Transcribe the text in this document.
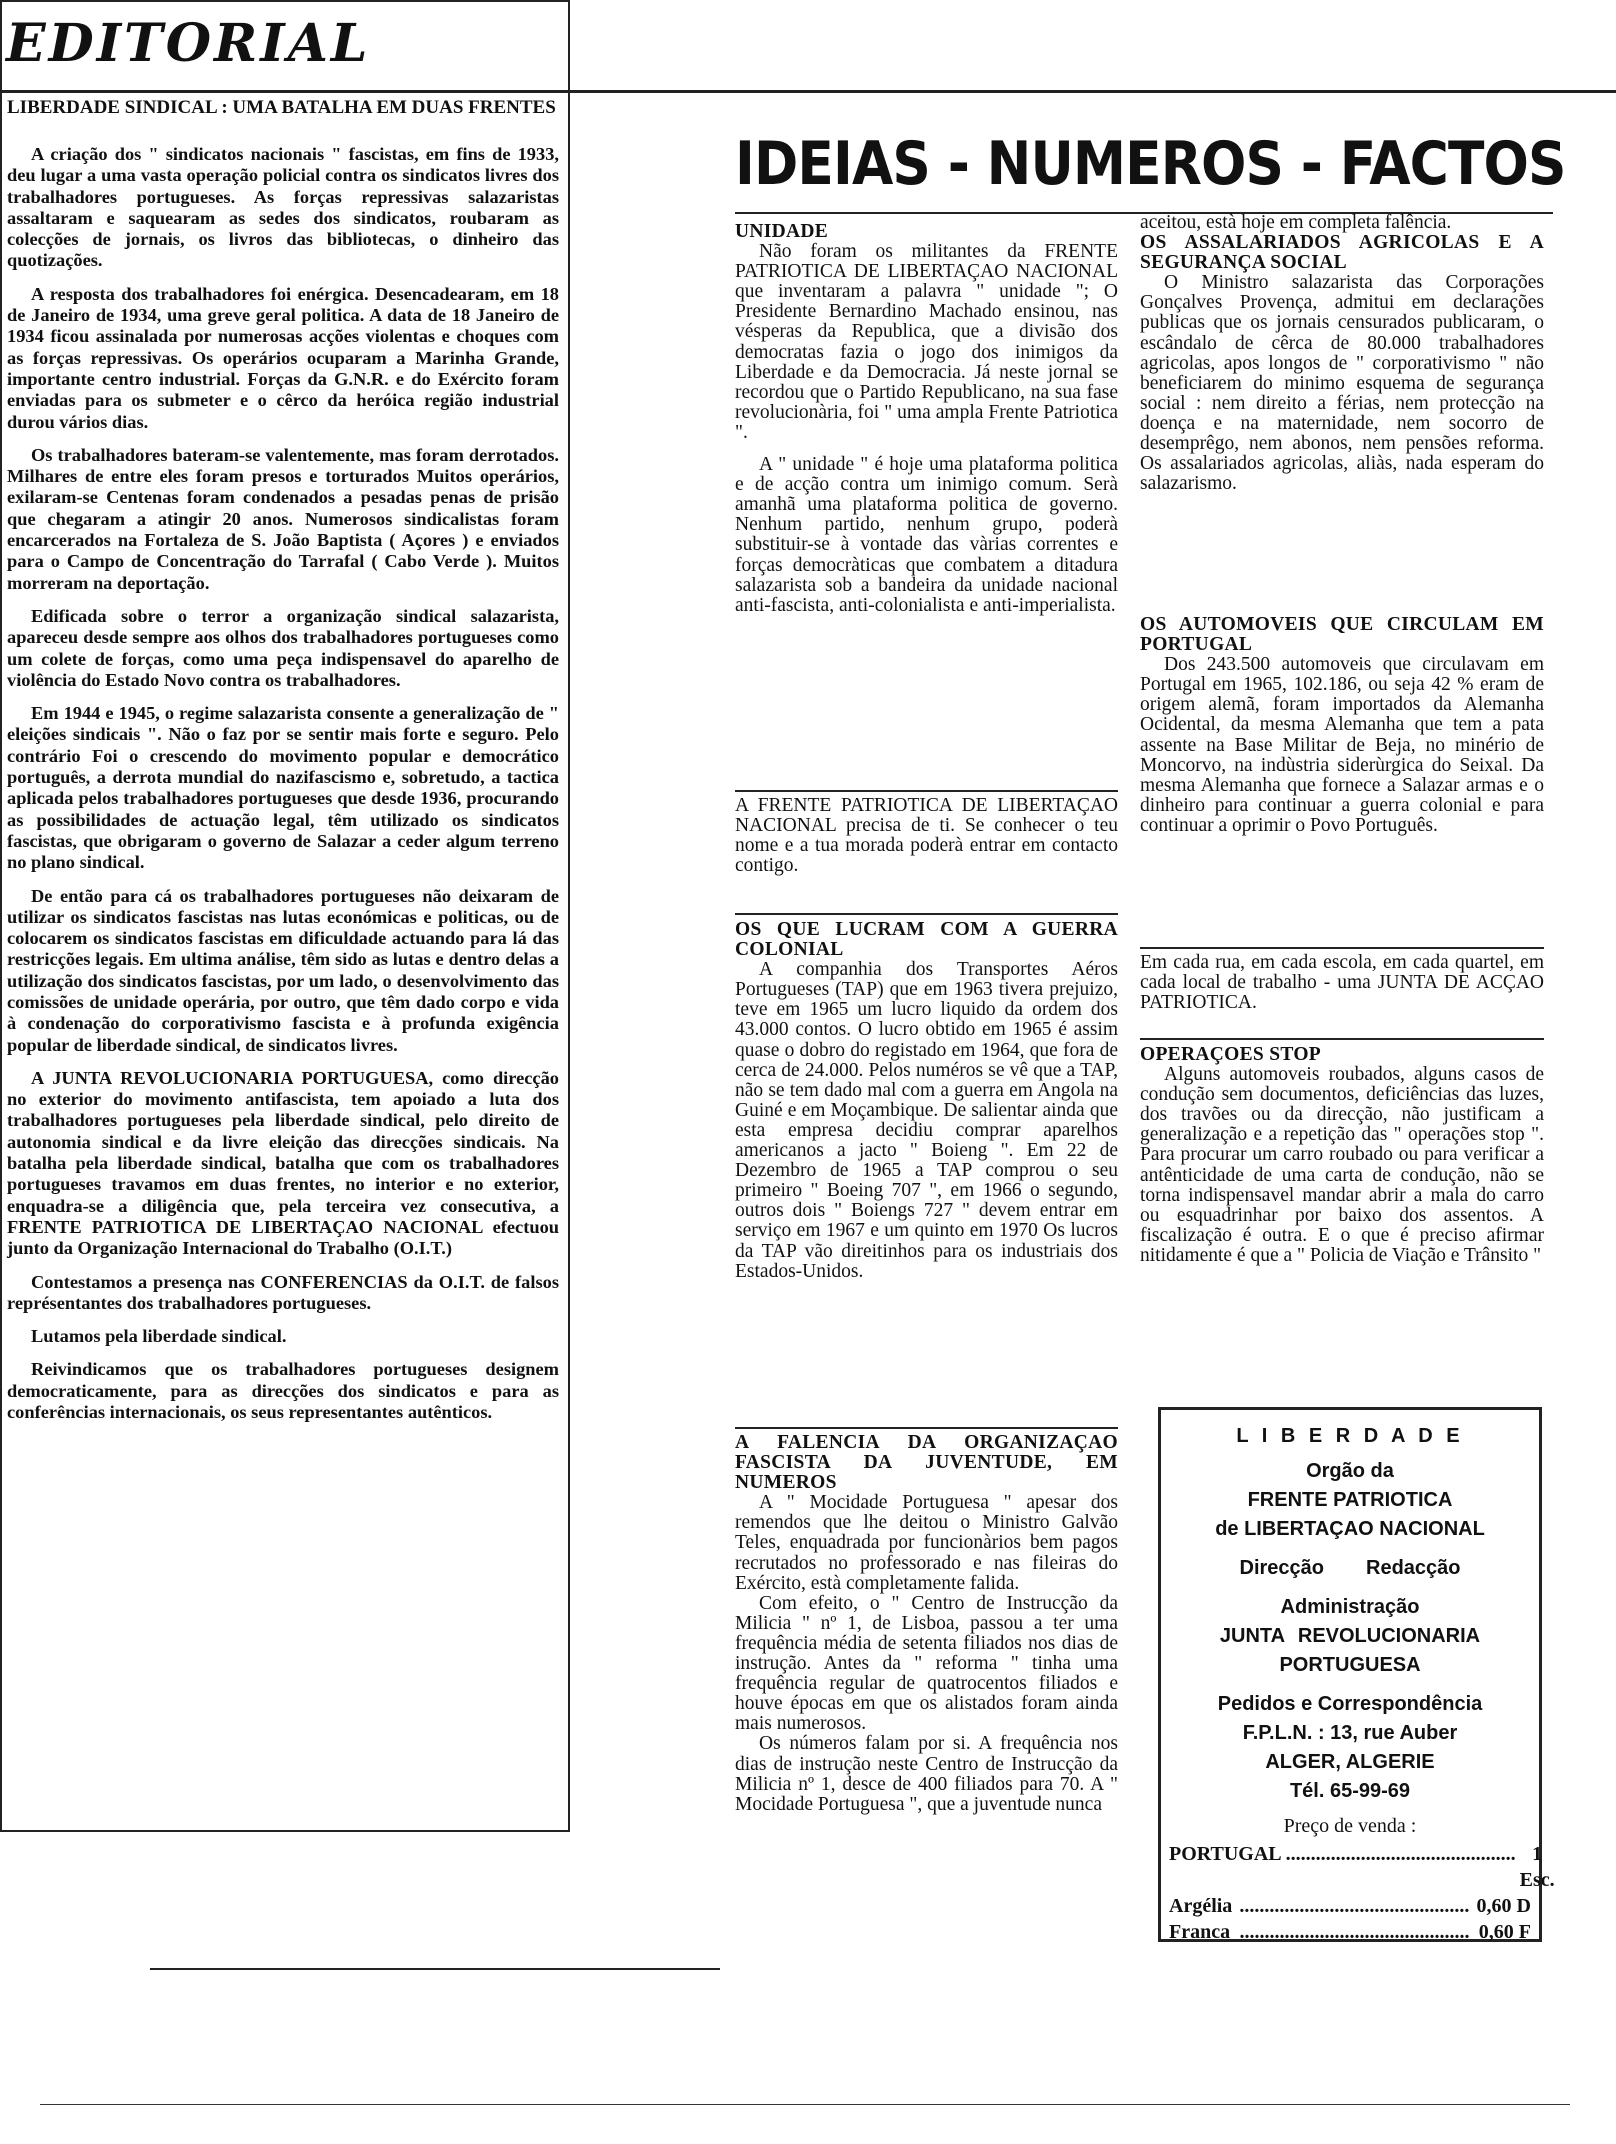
EDITORIAL
LIBERDADE SINDICAL : UMA BATALHA EM DUAS FRENTES

A criação dos " sindicatos nacionais " fascistas, em fins de 1933, deu lugar a uma vasta operação policial contra os sindicatos livres dos trabalhadores portugueses. As forças repressivas salazaristas assaltaram e saquearam as sedes dos sindicatos, roubaram as colecções de jornais, os livros das bibliotecas, o dinheiro das quotizações.

A resposta dos trabalhadores foi enérgica. Desencadearam, em 18 de Janeiro de 1934, uma greve geral politica. A data de 18 Janeiro de 1934 ficou assinalada por numerosas acções violentas e choques com as forças repressivas. Os operários ocuparam a Marinha Grande, importante centro industrial. Forças da G.N.R. e do Exército foram enviadas para os submeter e o cêrco da heróica região industrial durou vários dias.

Os trabalhadores bateram-se valentemente, mas foram derrotados. Milhares de entre eles foram presos e torturados Muitos operários, exilaram-se Centenas foram condenados a pesadas penas de prisão que chegaram a atingir 20 anos. Numerosos sindicalistas foram encarcerados na Fortaleza de S. João Baptista ( Açores ) e enviados para o Campo de Concentração do Tarrafal ( Cabo Verde ). Muitos morreram na deportação.

Edificada sobre o terror a organização sindical salazarista, apareceu desde sempre aos olhos dos trabalhadores portugueses como um colete de forças, como uma peça indispensavel do aparelho de violência do Estado Novo contra os trabalhadores.

Em 1944 e 1945, o regime salazarista consente a generalização de " eleições sindicais ". Não o faz por se sentir mais forte e seguro. Pelo contrário Foi o crescendo do movimento popular e democrático português, a derrota mundial do nazifascismo e, sobretudo, a tactica aplicada pelos trabalhadores portugueses que desde 1936, procurando as possibilidades de actuação legal, têm utilizado os sindicatos fascistas, que obrigaram o governo de Salazar a ceder algum terreno no plano sindical.

De então para cá os trabalhadores portugueses não deixaram de utilizar os sindicatos fascistas nas lutas económicas e politicas, ou de colocarem os sindicatos fascistas em dificuldade actuando para lá das restricções legais. Em ultima análise, têm sido as lutas e dentro delas a utilização dos sindicatos fascistas, por um lado, o desenvolvimento das comissões de unidade operária, por outro, que têm dado corpo e vida à condenação do corporativismo fascista e à profunda exigência popular de liberdade sindical, de sindicatos livres.

A JUNTA REVOLUCIONARIA PORTUGUESA, como direcção no exterior do movimento antifascista, tem apoiado a luta dos trabalhadores portugueses pela liberdade sindical, pelo direito de autonomia sindical e da livre eleição das direcções sindicais. Na batalha pela liberdade sindical, batalha que com os trabalhadores portugueses travamos em duas frentes, no interior e no exterior, enquadra-se a diligência que, pela terceira vez consecutiva, a FRENTE PATRIOTICA DE LIBERTAÇAO NACIONAL efectuou junto da Organização Internacional do Trabalho (O.I.T.)

Contestamos a presença nas CONFERENCIAS da O.I.T. de falsos représentantes dos trabalhadores portugueses.

Lutamos pela liberdade sindical.

Reivindicamos que os trabalhadores portugueses designem democraticamente, para as direcções dos sindicatos e para as conferências internacionais, os seus representantes autênticos.

IDEIAS - NUMEROS - FACTOS
UNIDADE

Não foram os militantes da FRENTE PATRIOTICA DE LIBERTAÇAO NACIONAL que inventaram a palavra " unidade "; O Presidente Bernardino Machado ensinou, nas vésperas da Republica, que a divisão dos democratas fazia o jogo dos inimigos da Liberdade e da Democracia. Já neste jornal se recordou que o Partido Republicano, na sua fase revolucionària, foi " uma ampla Frente Patriotica ".

A " unidade " é hoje uma plataforma politica e de acção contra um inimigo comum. Serà amanhã uma plataforma politica de governo. Nenhum partido, nenhum grupo, poderà substituir-se à vontade das vàrias correntes e forças democràticas que combatem a ditadura salazarista sob a bandeira da unidade nacional anti-fascista, anti-colonialista e anti-imperialista.

A FRENTE PATRIOTICA DE LIBERTAÇAO NACIONAL precisa de ti. Se conhecer o teu nome e a tua morada poderà entrar em contacto contigo.

OS QUE LUCRAM COM A GUERRA COLONIAL

A companhia dos Transportes Aéros Portugueses (TAP) que em 1963 tivera prejuizo, teve em 1965 um lucro liquido da ordem dos 43.000 contos. O lucro obtido em 1965 é assim quase o dobro do registado em 1964, que fora de cerca de 24.000. Pelos numéros se vê que a TAP, não se tem dado mal com a guerra em Angola na Guiné e em Moçambique. De salientar ainda que esta empresa decidiu comprar aparelhos americanos a jacto " Boieng ". Em 22 de Dezembro de 1965 a TAP comprou o seu primeiro " Boeing 707 ", em 1966 o segundo, outros dois " Boiengs 727 " devem entrar em serviço em 1967 e um quinto em 1970 Os lucros da TAP vão direitinhos para os industriais dos Estados-Unidos.

A FALENCIA DA ORGANIZAÇAO FASCISTA DA JUVENTUDE, EM NUMEROS

A " Mocidade Portuguesa " apesar dos remendos que lhe deitou o Ministro Galvão Teles, enquadrada por funcionàrios bem pagos recrutados no professorado e nas fileiras do Exército, està completamente falida.

Com efeito, o " Centro de Instrucção da Milicia " nº 1, de Lisboa, passou a ter uma frequência média de setenta filiados nos dias de instrução. Antes da " reforma " tinha uma frequência regular de quatrocentos filiados e houve épocas em que os alistados foram ainda mais numerosos.

Os números falam por si. A frequência nos dias de instrução neste Centro de Instrucção da Milicia nº 1, desce de 400 filiados para 70. A " Mocidade Portuguesa ", que a juventude nunca

aceitou, està hoje em completa falência.

OS ASSALARIADOS AGRICOLAS E A SEGURANÇA SOCIAL

O Ministro salazarista das Corporações Gonçalves Provença, admitui em declarações publicas que os jornais censurados publicaram, o escândalo de cêrca de 80.000 trabalhadores agricolas, apos longos de " corporativismo " não beneficiarem do minimo esquema de segurança social : nem direito a férias, nem protecção na doença e na maternidade, nem socorro de desemprêgo, nem abonos, nem pensões reforma. Os assalariados agricolas, aliàs, nada esperam do salazarismo.

OS AUTOMOVEIS QUE CIRCULAM EM PORTUGAL

Dos 243.500 automoveis que circulavam em Portugal em 1965, 102.186, ou seja 42 % eram de origem alemã, foram importados da Alemanha Ocidental, da mesma Alemanha que tem a pata assente na Base Militar de Beja, no minério de Moncorvo, na indùstria siderùrgica do Seixal. Da mesma Alemanha que fornece a Salazar armas e o dinheiro para continuar a guerra colonial e para continuar a oprimir o Povo Português.

Em cada rua, em cada escola, em cada quartel, em cada local de trabalho - uma JUNTA DE ACÇAO PATRIOTICA.

OPERAÇOES STOP

Alguns automoveis roubados, alguns casos de condução sem documentos, deficiências das luzes, dos travões ou da direcção, não justificam a generalização e a repetição das " operações stop ". Para procurar um carro roubado ou para verificar a antênticidade de uma carta de condução, não se torna indispensavel mandar abrir a mala do carro ou esquadrinhar por baixo dos assentos. A fiscalização é outra. E o que é preciso afirmar nitidamente é que a " Policia de Viação e Trânsito "

L I B E R D A D E
Orgão da
FRENTE PATRIOTICA
de LIBERTAÇAO NACIONAL
Direcção Redacção
Administração
JUNTA REVOLUCIONARIA
PORTUGUESA
Pedidos e Correspondência
F.P.L.N. : 13, rue Auber
ALGER, ALGERIE
Tél. 65-99-69
Preço de venda :
PORTUGAL .............................................. 1 Esc.
Argélia .............................................. 0,60 D
Franca .............................................. 0,60 F
